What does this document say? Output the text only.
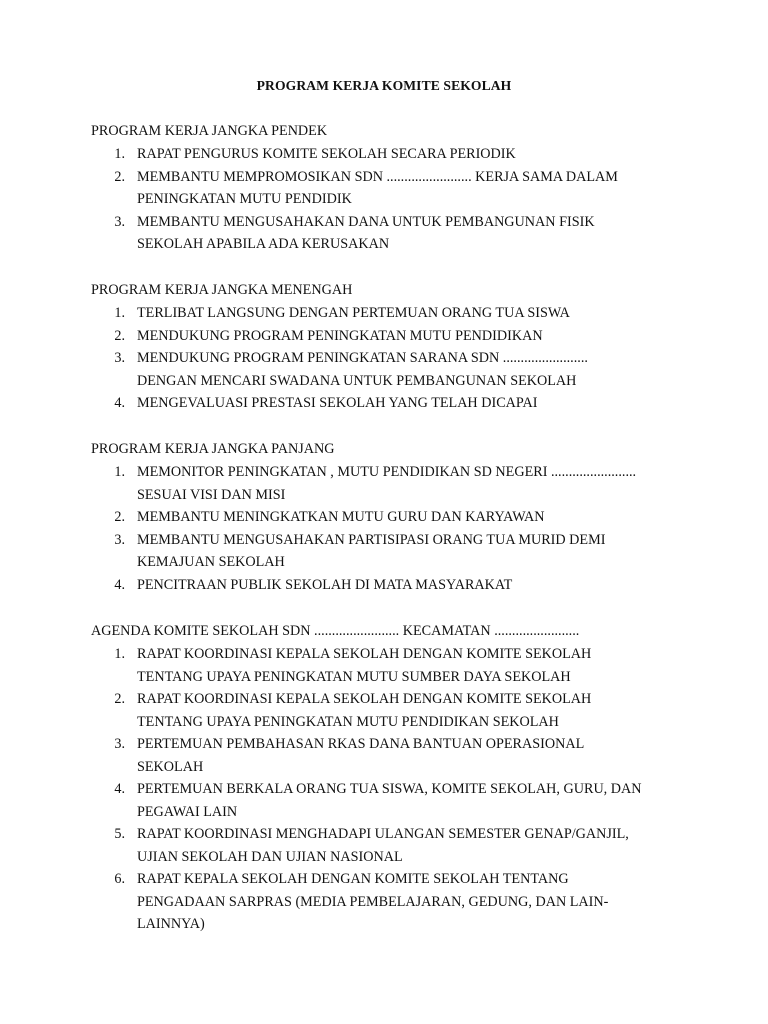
PROGRAM KERJA KOMITE SEKOLAH
PROGRAM KERJA JANGKA PENDEK
1. RAPAT PENGURUS KOMITE SEKOLAH SECARA PERIODIK
2. MEMBANTU MEMPROMOSIKAN SDN ........................ KERJA SAMA DALAM
PENINGKATAN MUTU PENDIDIK
3. MEMBANTU MENGUSAHAKAN DANA UNTUK PEMBANGUNAN FISIK
SEKOLAH APABILA ADA KERUSAKAN
PROGRAM KERJA JANGKA MENENGAH
1. TERLIBAT LANGSUNG DENGAN PERTEMUAN ORANG TUA SISWA
2. MENDUKUNG PROGRAM PENINGKATAN MUTU PENDIDIKAN
3. MENDUKUNG PROGRAM PENINGKATAN SARANA SDN ........................
DENGAN MENCARI SWADANA UNTUK PEMBANGUNAN SEKOLAH
4. MENGEVALUASI PRESTASI SEKOLAH YANG TELAH DICAPAI
PROGRAM KERJA JANGKA PANJANG
1. MEMONITOR PENINGKATAN , MUTU PENDIDIKAN SD NEGERI ........................
SESUAI VISI DAN MISI
2. MEMBANTU MENINGKATKAN MUTU GURU DAN KARYAWAN
3. MEMBANTU MENGUSAHAKAN PARTISIPASI ORANG TUA MURID DEMI
KEMAJUAN SEKOLAH
4. PENCITRAAN PUBLIK SEKOLAH DI MATA MASYARAKAT
AGENDA KOMITE SEKOLAH SDN ........................ KECAMATAN ........................
1. RAPAT KOORDINASI KEPALA SEKOLAH DENGAN KOMITE SEKOLAH
TENTANG UPAYA PENINGKATAN MUTU SUMBER DAYA SEKOLAH
2. RAPAT KOORDINASI KEPALA SEKOLAH DENGAN KOMITE SEKOLAH
TENTANG UPAYA PENINGKATAN MUTU PENDIDIKAN SEKOLAH
3. PERTEMUAN PEMBAHASAN RKAS DANA BANTUAN OPERASIONAL
SEKOLAH
4. PERTEMUAN BERKALA ORANG TUA SISWA, KOMITE SEKOLAH, GURU, DAN
PEGAWAI LAIN
5. RAPAT KOORDINASI MENGHADAPI ULANGAN SEMESTER GENAP/GANJIL,
UJIAN SEKOLAH DAN UJIAN NASIONAL
6. RAPAT KEPALA SEKOLAH DENGAN KOMITE SEKOLAH TENTANG
PENGADAAN SARPRAS (MEDIA PEMBELAJARAN, GEDUNG, DAN LAIN-
LAINNYA)
